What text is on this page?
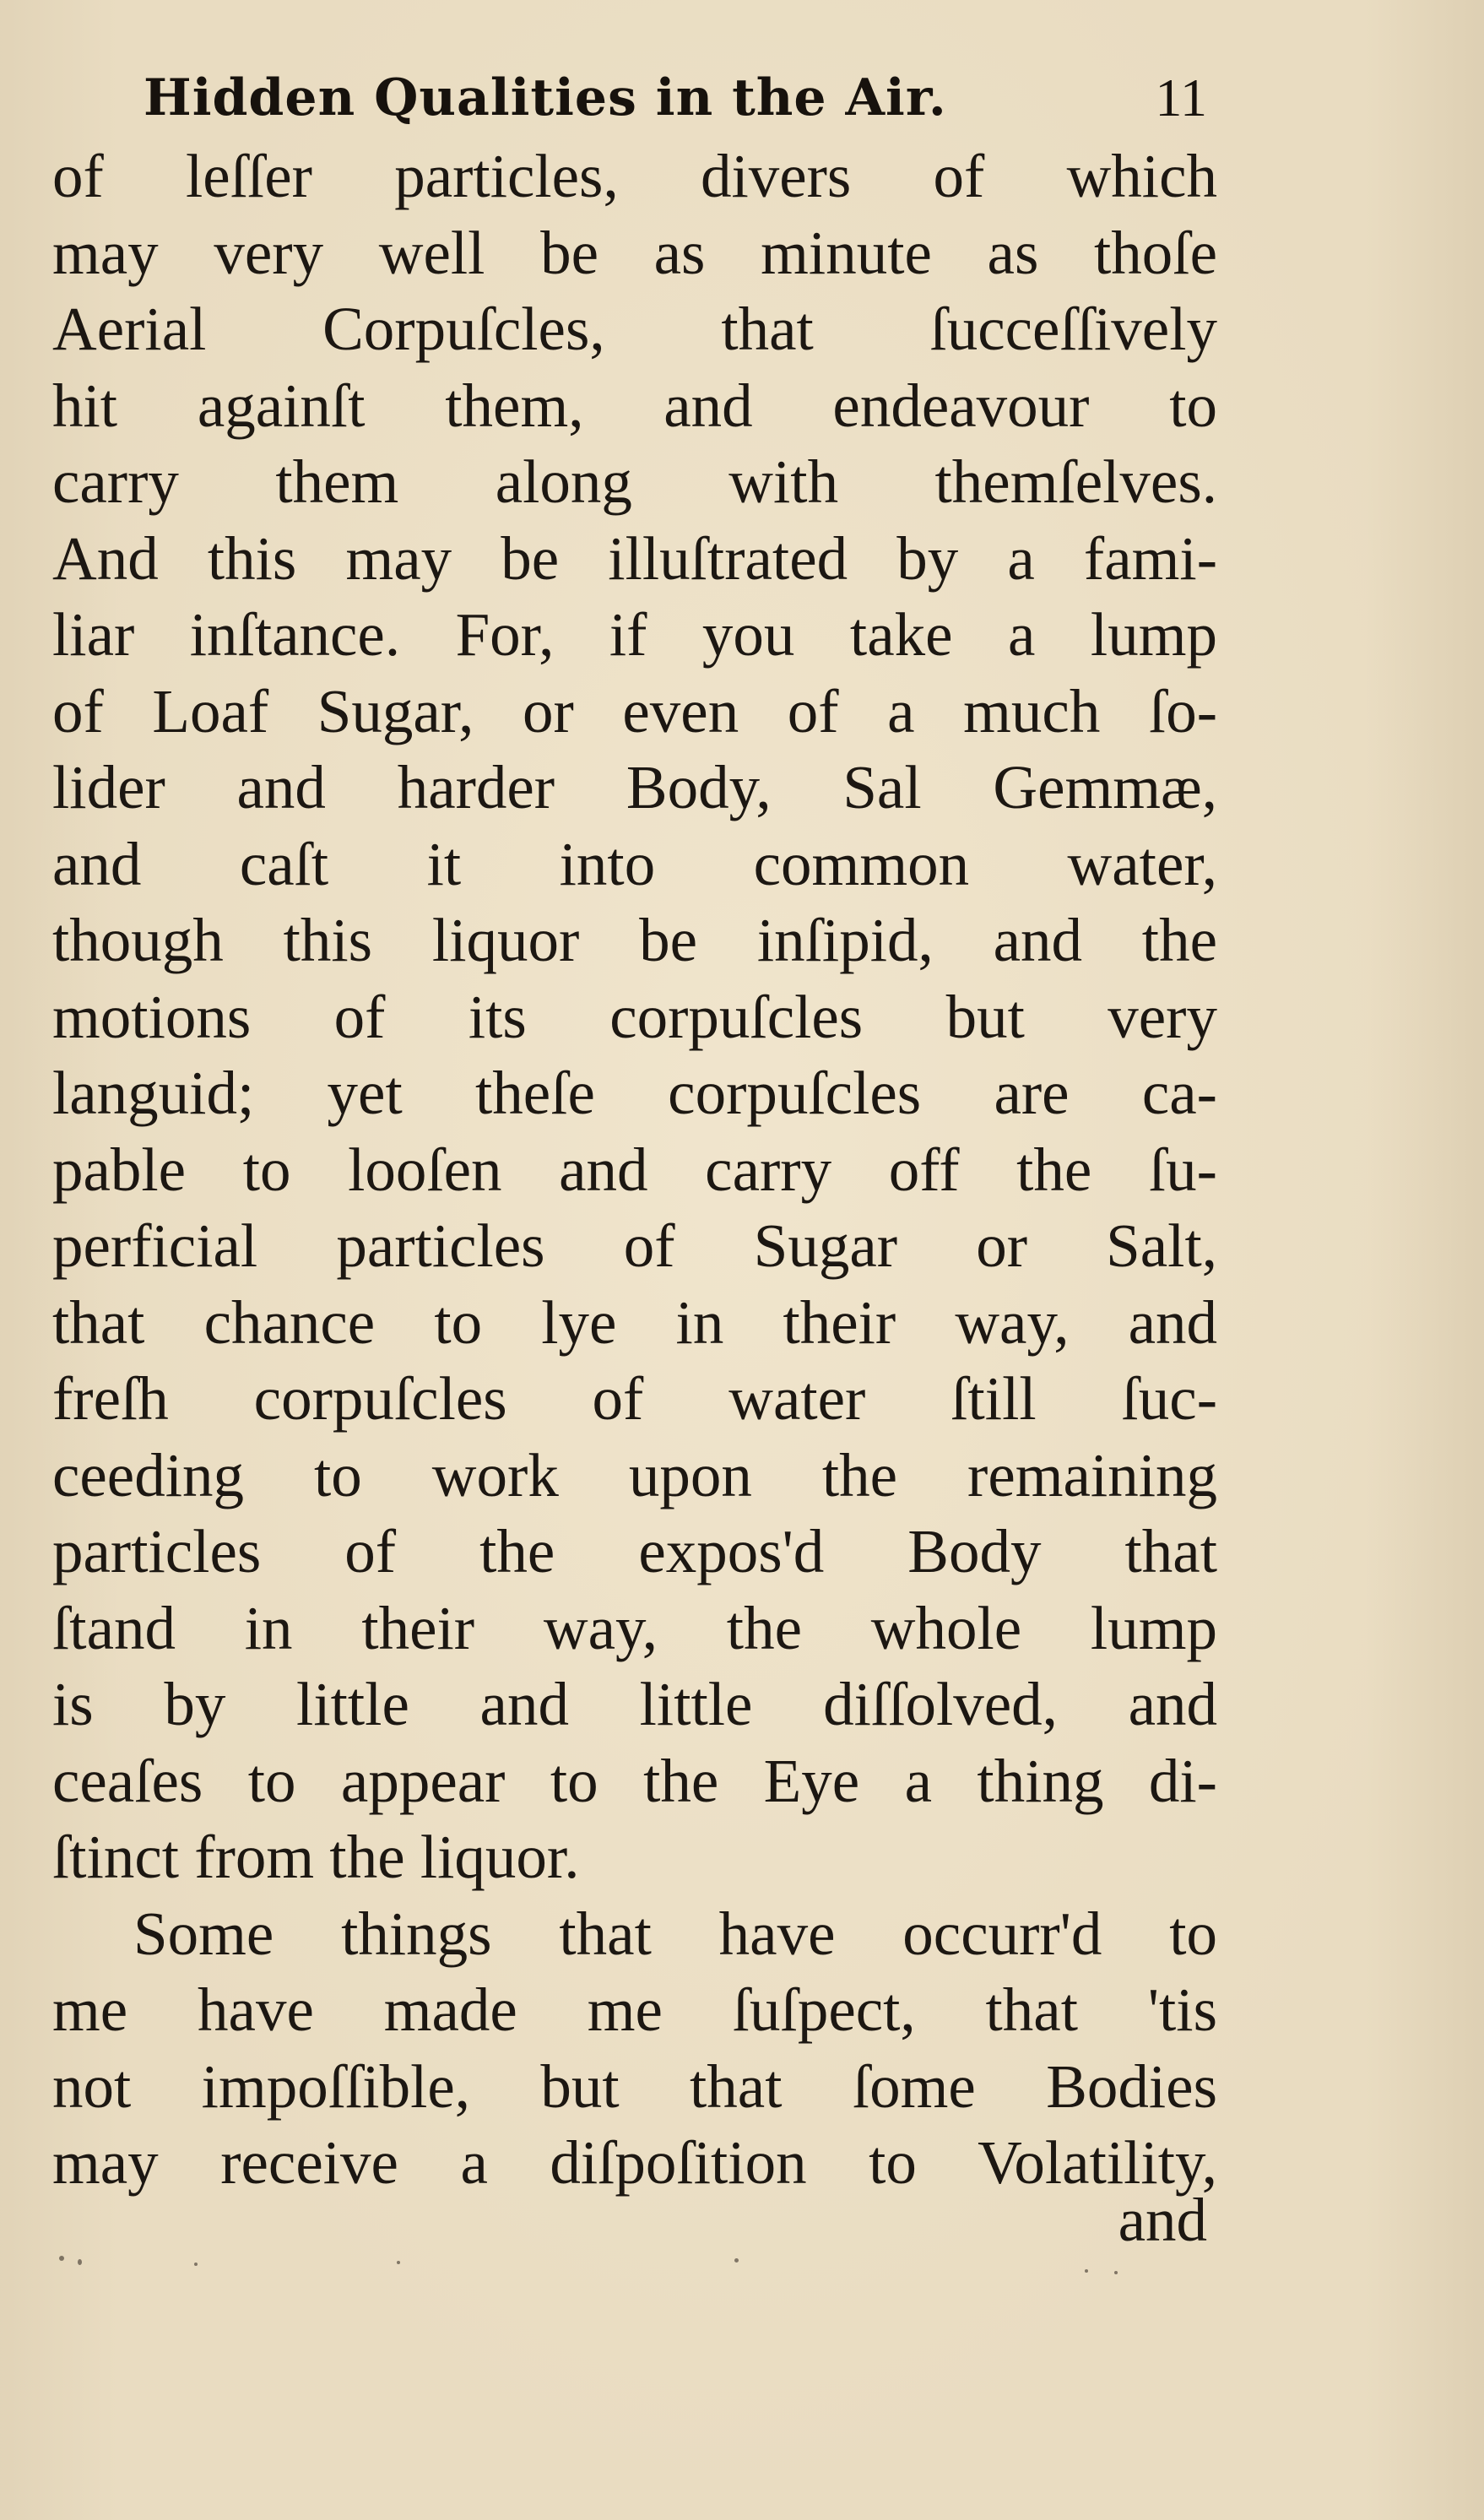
Hidden Qualities in the Air.	11
of leſſer particles, divers of which
may very well be as minute as thoſe
Aerial Corpuſcles, that ſucceſſively
hit againſt them, and endeavour to
carry them along with themſelves.
And this may be illuſtrated by a fami-
liar inſtance. For, if you take a lump
of Loaf Sugar, or even of a much ſo-
lider and harder Body, Sal Gemmæ,
and caſt it into common water,
though this liquor be inſipid, and the
motions of its corpuſcles but very
languid; yet theſe corpuſcles are ca-
pable to looſen and carry off the ſu-
perficial particles of Sugar or Salt,
that chance to lye in their way, and
freſh corpuſcles of water ſtill ſuc-
ceeding to work upon the remaining
particles of the expos'd Body that
ſtand in their way, the whole lump
is by little and little diſſolved, and
ceaſes to appear to the Eye a thing di-
ſtinct from the liquor.
Some things that have occurr'd to
me have made me ſuſpect, that 'tis
not impoſſible, but that ſome Bodies
may receive a diſpoſition to Volatility,
and
